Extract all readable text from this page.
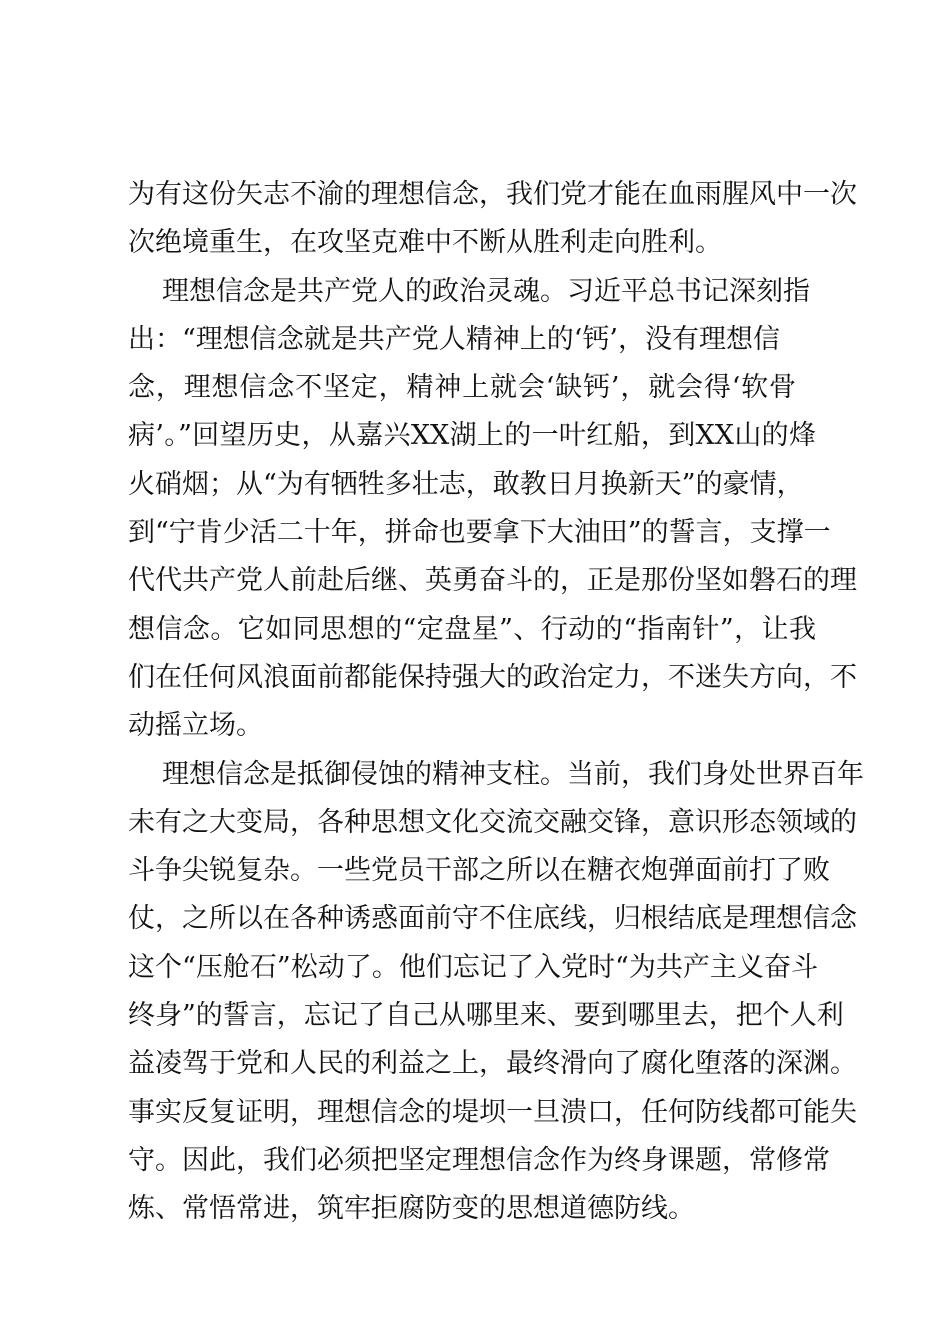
为有这份矢志不渝的理想信念，我们党才能在血雨腥风中一次
次绝境重生，在攻坚克难中不断从胜利走向胜利。
理想信念是共产党人的政治灵魂。习近平总书记深刻指
出：“理想信念就是共产党人精神上的‘钙’，没有理想信
念，理想信念不坚定，精神上就会‘缺钙’，就会得‘软骨
病’。”回望历史，从嘉兴XX湖上的一叶红船，到XX山的烽
火硝烟；从“为有牺牲多壮志，敢教日月换新天”的豪情，
到“宁肯少活二十年，拼命也要拿下大油田”的誓言，支撑一
代代共产党人前赴后继、英勇奋斗的，正是那份坚如磐石的理
想信念。它如同思想的“定盘星”、行动的“指南针”，让我
们在任何风浪面前都能保持强大的政治定力，不迷失方向，不
动摇立场。
理想信念是抵御侵蚀的精神支柱。当前，我们身处世界百年
未有之大变局，各种思想文化交流交融交锋，意识形态领域的
斗争尖锐复杂。一些党员干部之所以在糖衣炮弹面前打了败
仗，之所以在各种诱惑面前守不住底线，归根结底是理想信念
这个“压舱石”松动了。他们忘记了入党时“为共产主义奋斗
终身”的誓言，忘记了自己从哪里来、要到哪里去，把个人利
益凌驾于党和人民的利益之上，最终滑向了腐化堕落的深渊。
事实反复证明，理想信念的堤坝一旦溃口，任何防线都可能失
守。因此，我们必须把坚定理想信念作为终身课题，常修常
炼、常悟常进，筑牢拒腐防变的思想道德防线。
